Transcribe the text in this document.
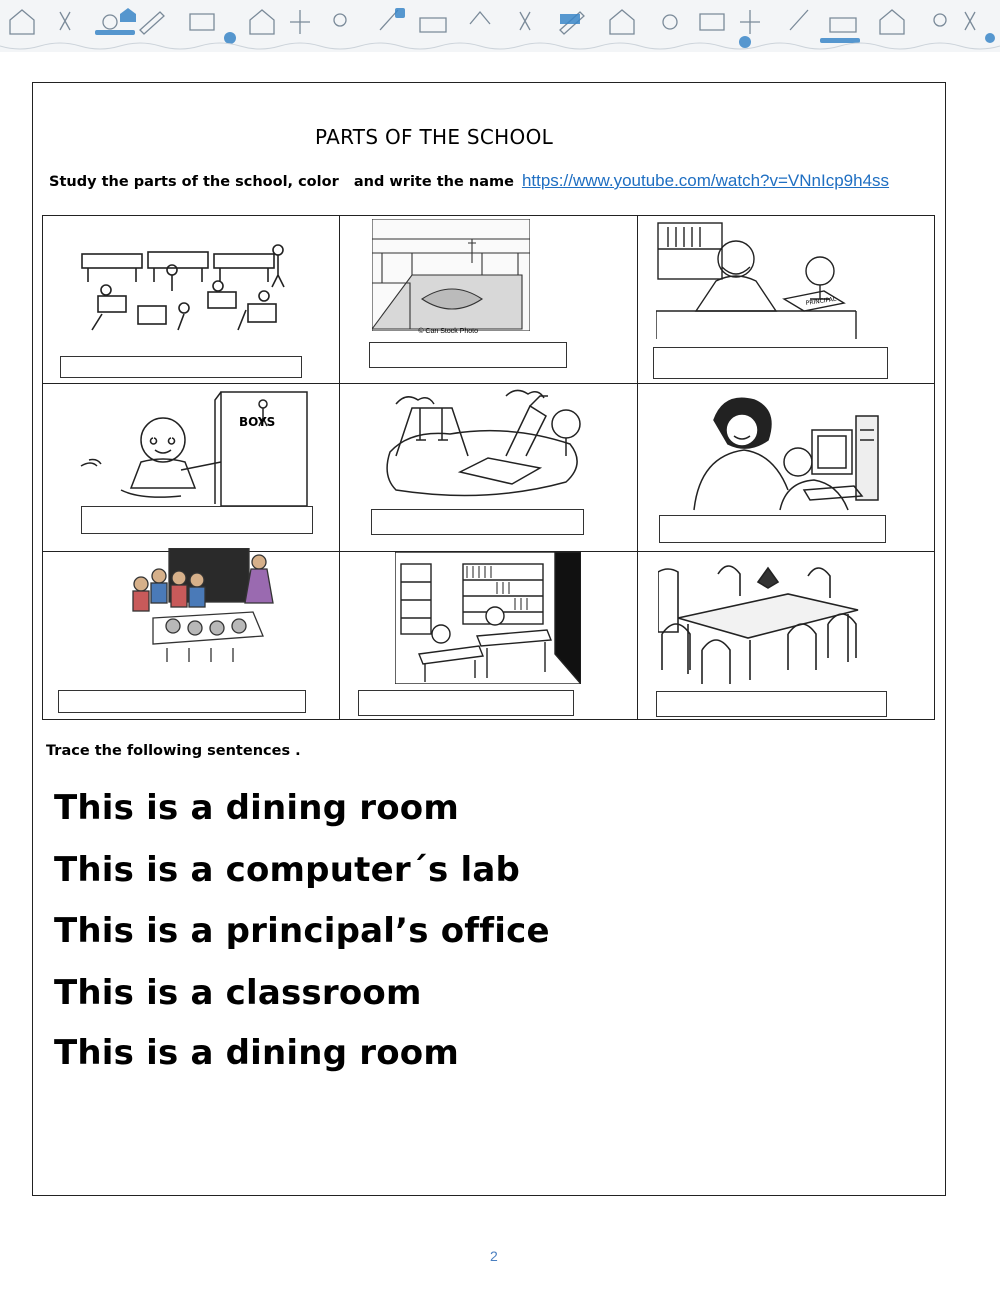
PARTS OF THE SCHOOL
Study the parts of the school, color   and write the name https://www.youtube.com/watch?v=VNnIcp9h4ss

© Can Stock Photo	PRINCIPAL

BOYS

Trace the following sentences .
This is a dining room
This is a computer´s lab
This is a principal’s office
This is a classroom
This is a dining room
2
